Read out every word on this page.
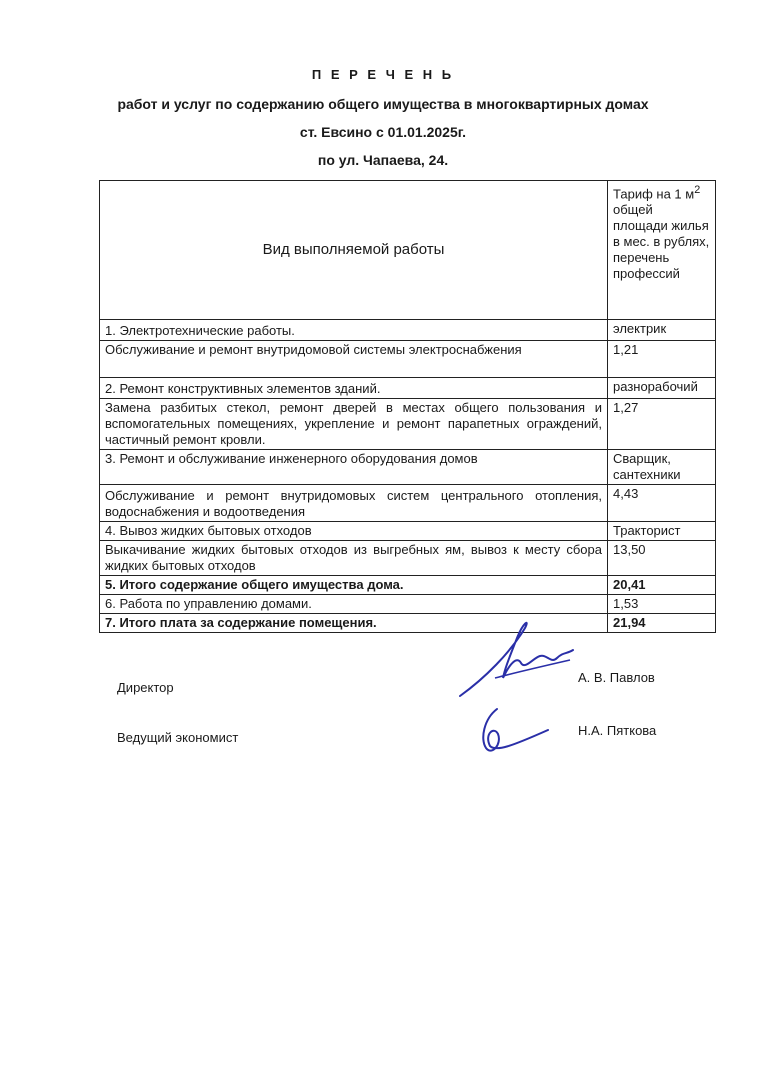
П Е Р Е Ч Е Н Ь
работ и услуг по содержанию общего имущества в многоквартирных домах
ст. Евсино с 01.01.2025г.
по ул. Чапаева, 24.
Вид выполняемой работы	Тариф на 1 $м^2$ общей площади жилья в мес. в рублях, перечень профессий
1. Электротехнические работы.	электрик
Обслуживание и ремонт внутридомовой системы электроснабжения	1,21
2. Ремонт конструктивных элементов зданий.	разнорабочий
Замена разбитых стекол, ремонт дверей в местах общего пользования и вспомогательных помещениях, укрепление и ремонт парапетных ограждений, частичный ремонт кровли.	1,27
3. Ремонт и обслуживание инженерного оборудования домов	Сварщик, сантехники
Обслуживание и ремонт внутридомовых систем центрального отопления, водоснабжения и водоотведения	4,43
4. Вывоз жидких бытовых отходов	Тракторист
Выкачивание жидких бытовых отходов из выгребных ям, вывоз к месту сбора жидких бытовых отходов	13,50
5. Итого содержание общего имущества дома.	20,41
6. Работа по управлению домами.	1,53
7. Итого плата за содержание помещения.	21,94
Директор
А. В. Павлов
Ведущий экономист	Н.А. Пяткова
